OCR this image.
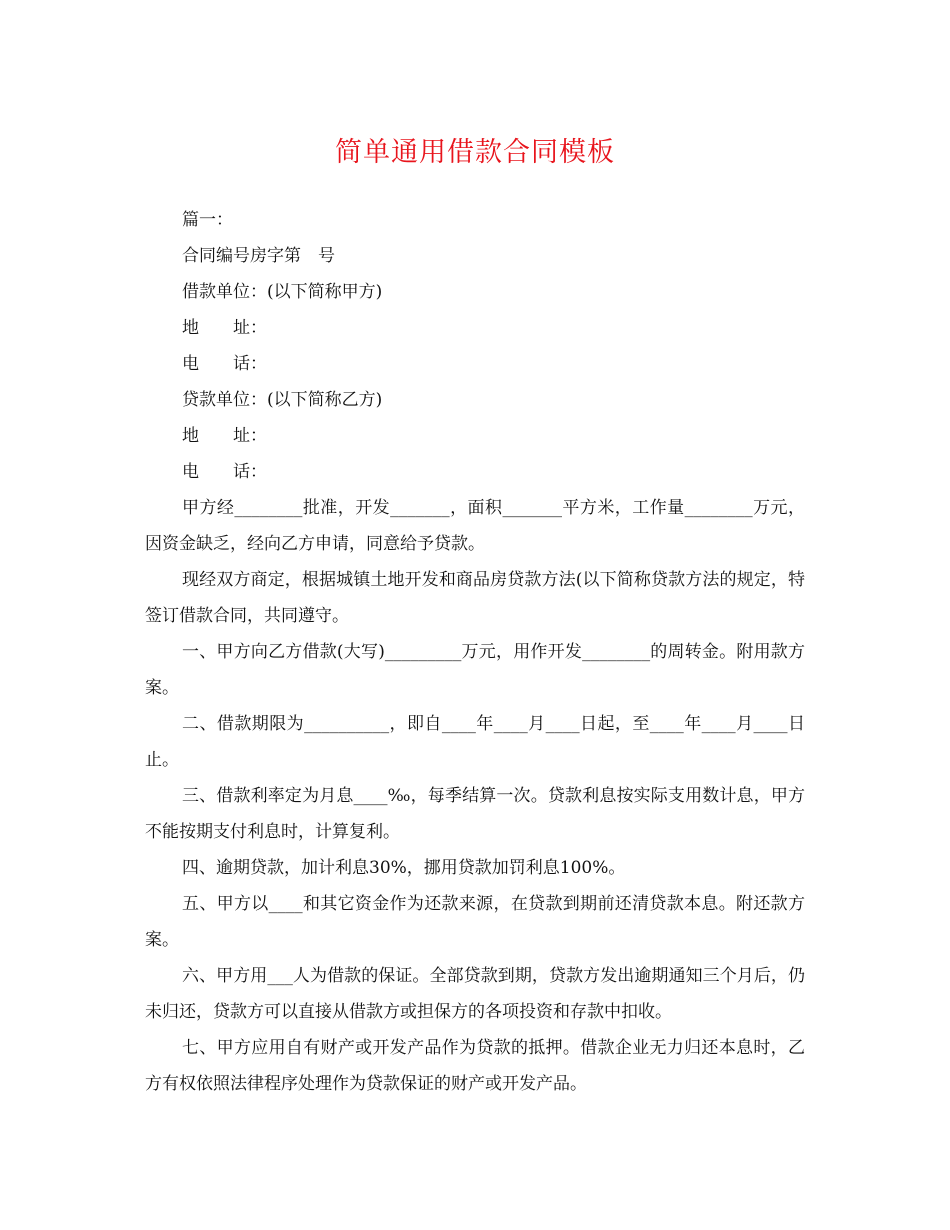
简单通用借款合同模板
篇一：
合同编号房字第　号
借款单位：(以下简称甲方)
地 址：
电 话：
贷款单位：(以下简称乙方)
地 址：
电 话：
甲方经________批准，开发_______，面积_______平方米，工作量________万元，因资金缺乏，经向乙方申请，同意给予贷款。
现经双方商定，根据城镇土地开发和商品房贷款方法(以下简称贷款方法的规定，特签订借款合同，共同遵守。
一、甲方向乙方借款(大写)_________万元，用作开发________的周转金。附用款方案。
二、借款期限为__________，即自____年____月____日起，至____年____月____日止。
三、借款利率定为月息____‰，每季结算一次。贷款利息按实际支用数计息，甲方不能按期支付利息时，计算复利。
四、逾期贷款，加计利息30%，挪用贷款加罚利息100%。
五、甲方以____和其它资金作为还款来源，在贷款到期前还清贷款本息。附还款方案。
六、甲方用___人为借款的保证。全部贷款到期，贷款方发出逾期通知三个月后，仍未归还，贷款方可以直接从借款方或担保方的各项投资和存款中扣收。
七、甲方应用自有财产或开发产品作为贷款的抵押。借款企业无力归还本息时，乙方有权依照法律程序处理作为贷款保证的财产或开发产品。
